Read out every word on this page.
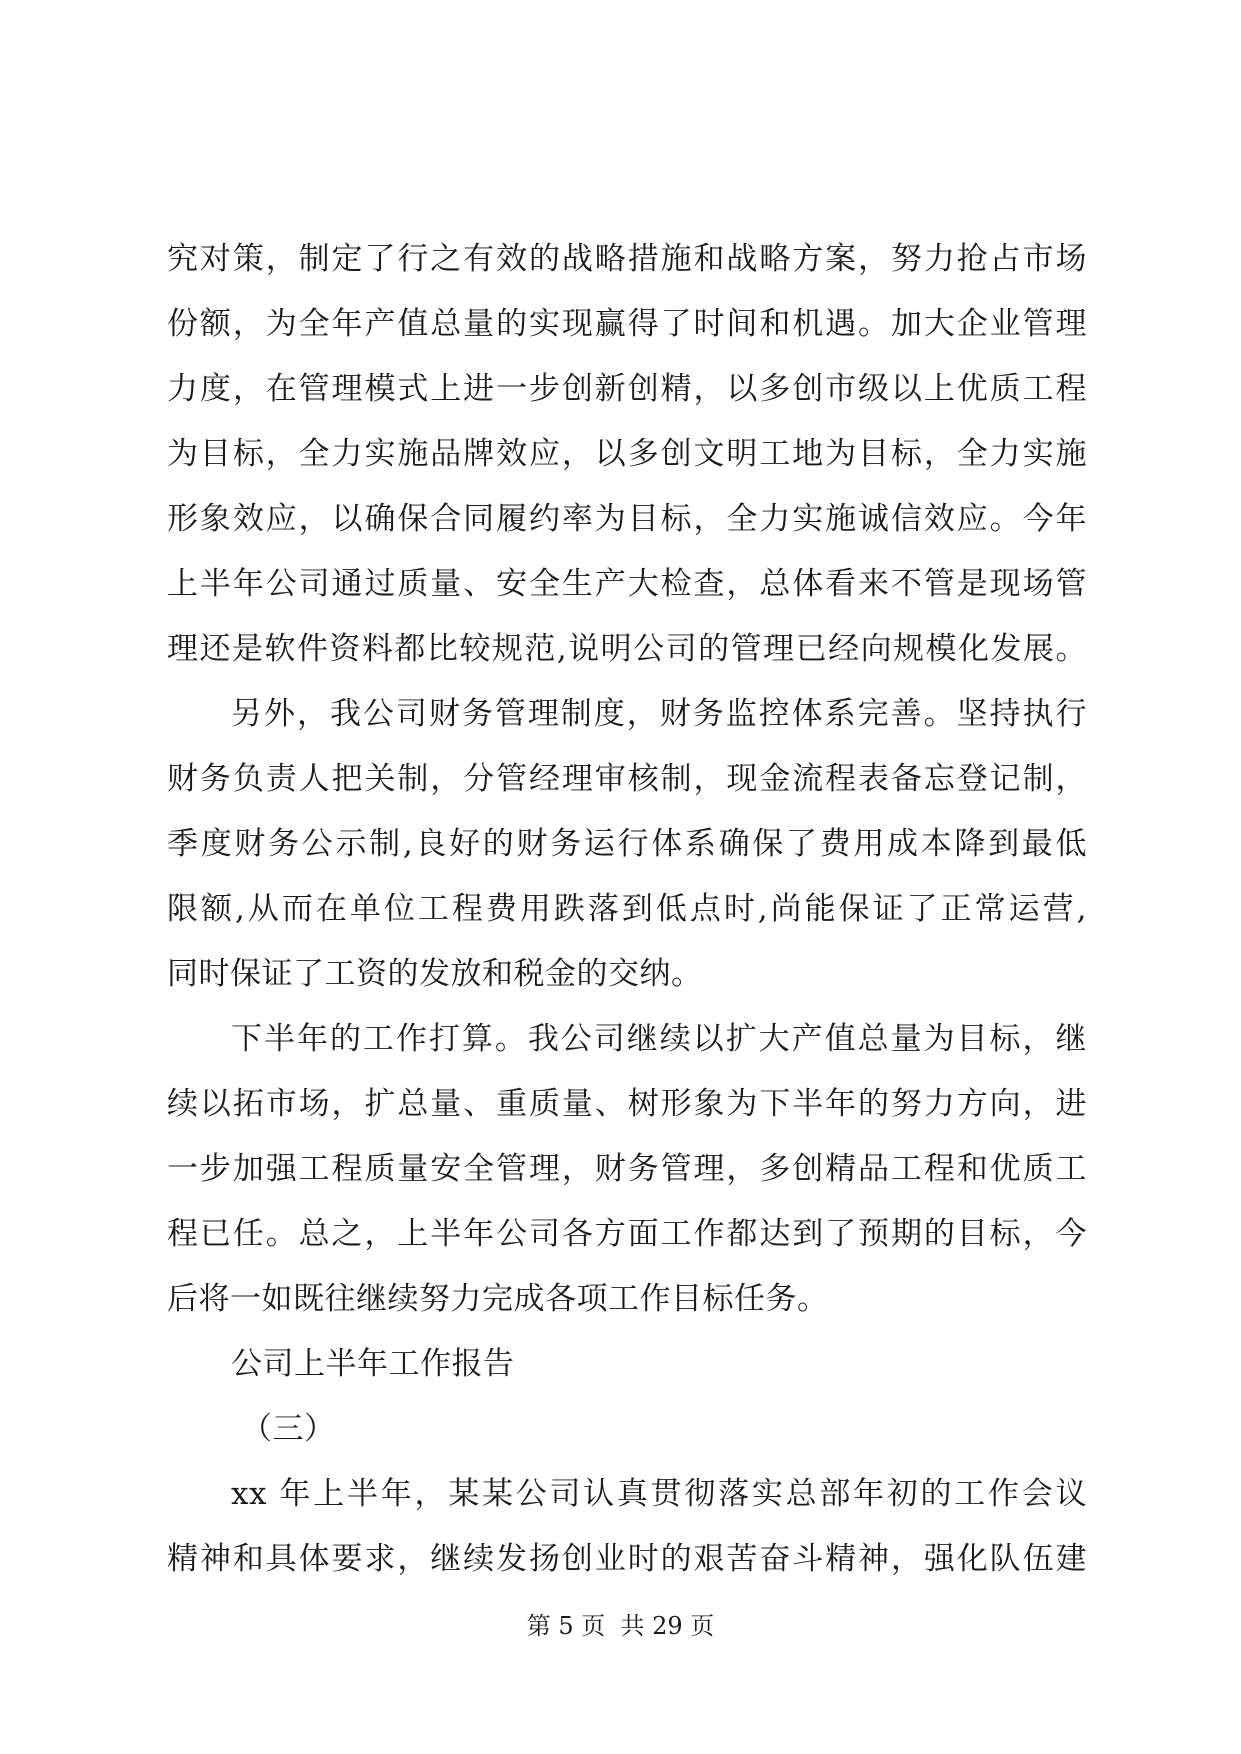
究对策，制定了行之有效的战略措施和战略方案，努力抢占市场
份额，为全年产值总量的实现赢得了时间和机遇。加大企业管理
力度，在管理模式上进一步创新创精，以多创市级以上优质工程
为目标，全力实施品牌效应，以多创文明工地为目标，全力实施
形象效应，以确保合同履约率为目标，全力实施诚信效应。今年
上半年公司通过质量、安全生产大检查，总体看来不管是现场管
理还是软件资料都比较规范,说明公司的管理已经向规模化发展。
另外，我公司财务管理制度，财务监控体系完善。坚持执行
财务负责人把关制，分管经理审核制，现金流程表备忘登记制，
季度财务公示制,良好的财务运行体系确保了费用成本降到最低
限额,从而在单位工程费用跌落到低点时,尚能保证了正常运营,
同时保证了工资的发放和税金的交纳。
下半年的工作打算。我公司继续以扩大产值总量为目标，继
续以拓市场，扩总量、重质量、树形象为下半年的努力方向，进
一步加强工程质量安全管理，财务管理，多创精品工程和优质工
程已任。总之，上半年公司各方面工作都达到了预期的目标，今
后将一如既往继续努力完成各项工作目标任务。
公司上半年工作报告
（三）
xx 年上半年，某某公司认真贯彻落实总部年初的工作会议
精神和具体要求，继续发扬创业时的艰苦奋斗精神，强化队伍建
第 5 页  共 29 页
